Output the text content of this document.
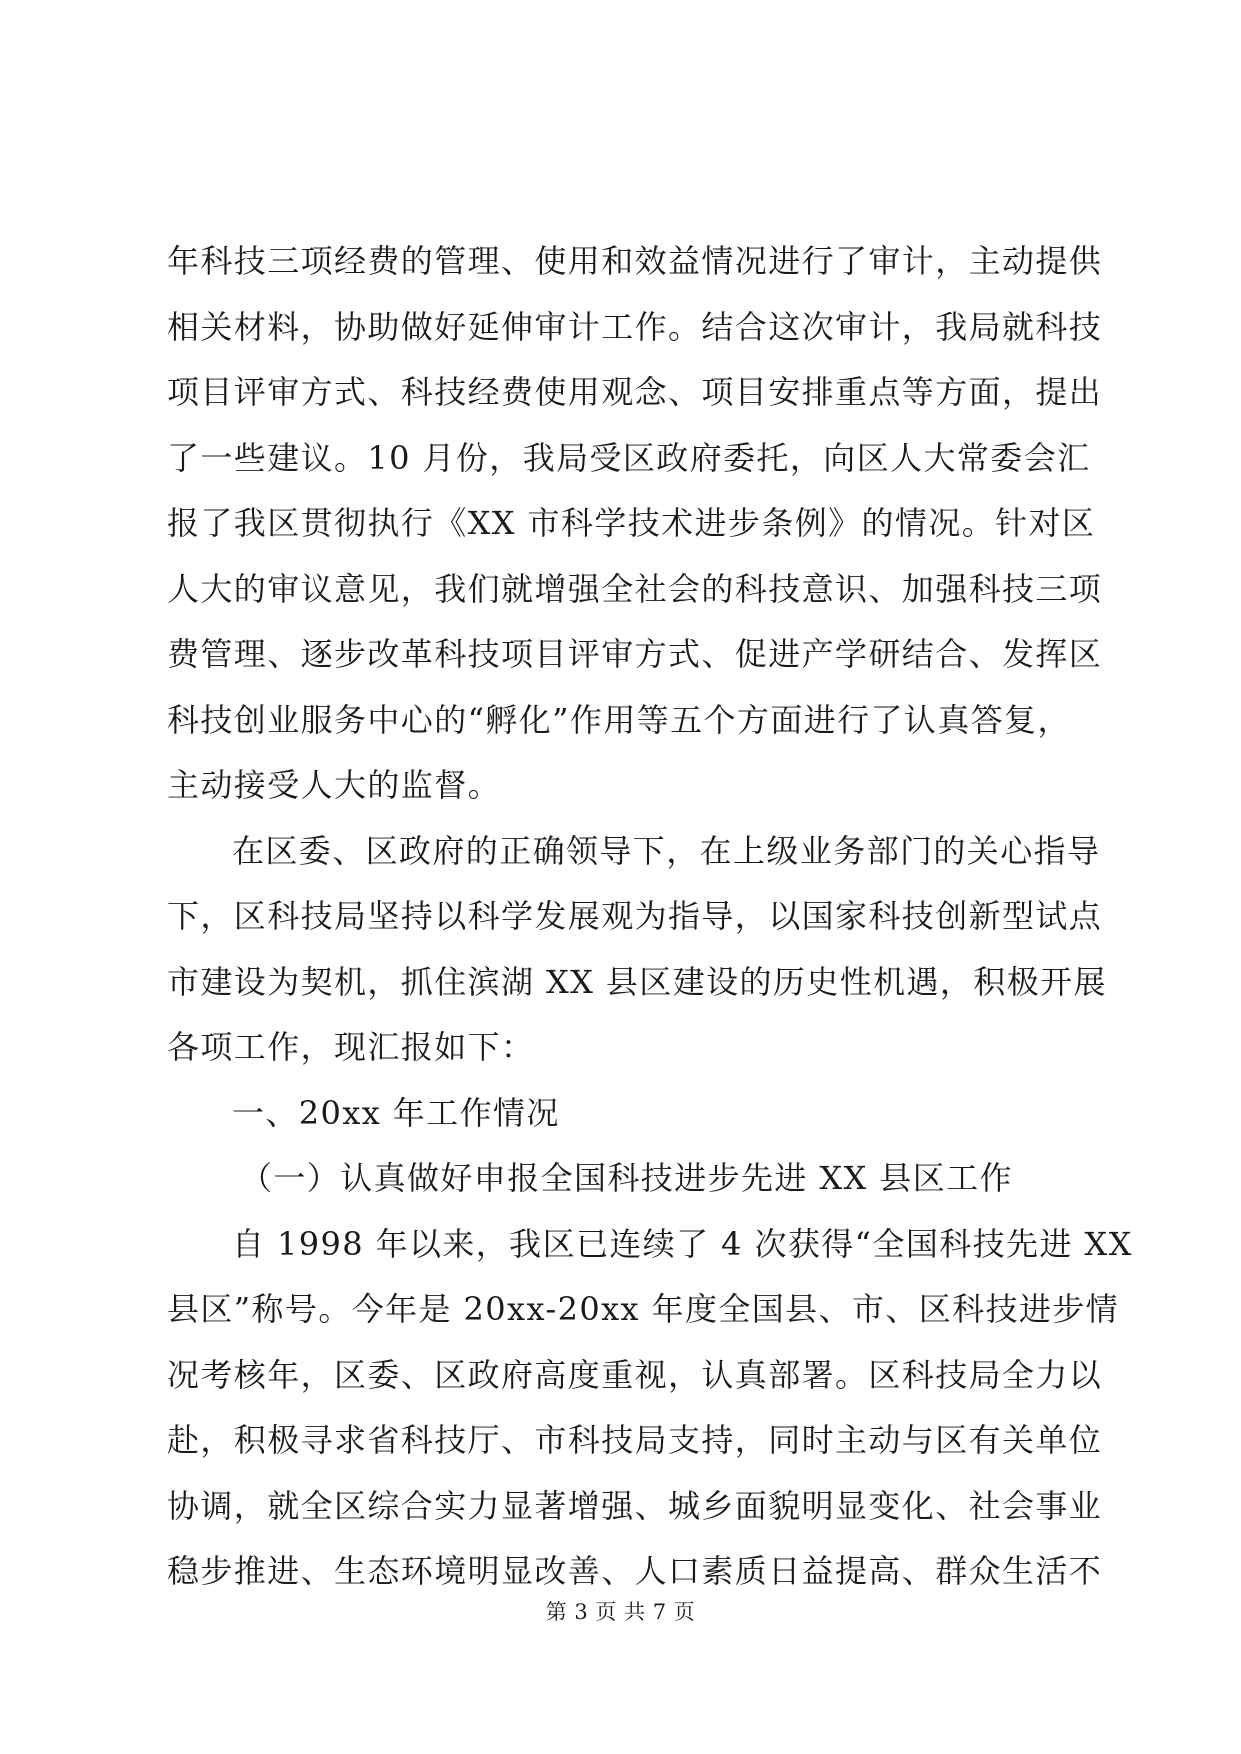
年科技三项经费的管理、使用和效益情况进行了审计，主动提供
相关材料，协助做好延伸审计工作。结合这次审计，我局就科技
项目评审方式、科技经费使用观念、项目安排重点等方面，提出
了一些建议。10 月份，我局受区政府委托，向区人大常委会汇
报了我区贯彻执行《XX 市科学技术进步条例》的情况。针对区
人大的审议意见，我们就增强全社会的科技意识、加强科技三项
费管理、逐步改革科技项目评审方式、促进产学研结合、发挥区
科技创业服务中心的“孵化”作用等五个方面进行了认真答复，
主动接受人大的监督。
在区委、区政府的正确领导下，在上级业务部门的关心指导
下，区科技局坚持以科学发展观为指导，以国家科技创新型试点
市建设为契机，抓住滨湖 XX 县区建设的历史性机遇，积极开展
各项工作，现汇报如下：
一、20xx 年工作情况
（一）认真做好申报全国科技进步先进 XX 县区工作
自 1998 年以来，我区已连续了 4 次获得“全国科技先进 XX
县区”称号。今年是 20xx-20xx 年度全国县、市、区科技进步情
况考核年，区委、区政府高度重视，认真部署。区科技局全力以
赴，积极寻求省科技厅、市科技局支持，同时主动与区有关单位
协调，就全区综合实力显著增强、城乡面貌明显变化、社会事业
稳步推进、生态环境明显改善、人口素质日益提高、群众生活不
第 3 页 共 7 页
